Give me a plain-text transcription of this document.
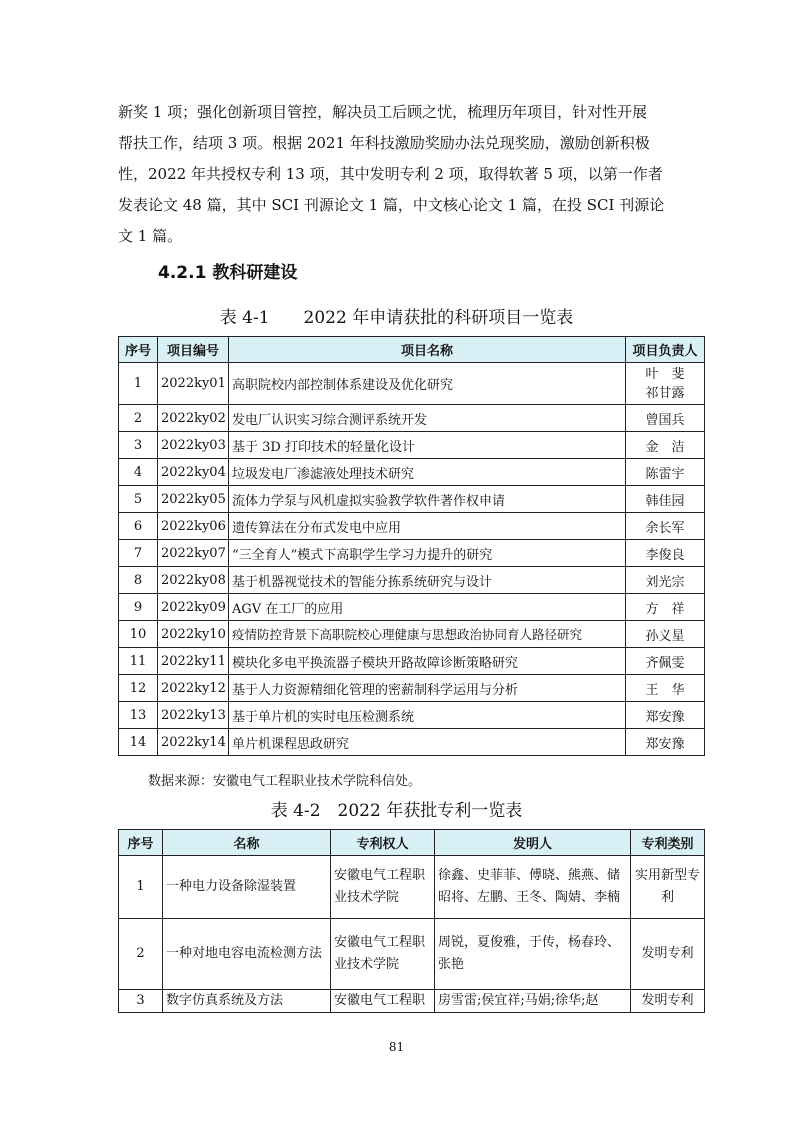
新奖 1 项；强化创新项目管控，解决员工后顾之忧，梳理历年项目，针对性开展
帮扶工作，结项 3 项。根据 2021 年科技激励奖励办法兑现奖励，激励创新积极
性，2022 年共授权专利 13 项，其中发明专利 2 项，取得软著 5 项，以第一作者
发表论文 48 篇，其中 SCI 刊源论文 1 篇，中文核心论文 1 篇，在投 SCI 刊源论
文 1 篇。
4.2.1 教科研建设

表 4-1　　2022 年申请获批的科研项目一览表

序号	项目编号	项目名称	项目负责人
1	2022ky01	高职院校内部控制体系建设及优化研究	叶　斐
祁甘露

2	2022ky02	发电厂认识实习综合测评系统开发	曾国兵
3	2022ky03	基于 3D 打印技术的轻量化设计	金　洁
4	2022ky04	垃圾发电厂渗滤液处理技术研究	陈雷宇
5	2022ky05	流体力学泵与风机虚拟实验教学软件著作权申请	韩佳园
6	2022ky06	遗传算法在分布式发电中应用	余长军
7	2022ky07	“三全育人”模式下高职学生学习力提升的研究	李俊良
8	2022ky08	基于机器视觉技术的智能分拣系统研究与设计	刘光宗
9	2022ky09	AGV 在工厂的应用	方　祥
10	2022ky10	疫情防控背景下高职院校心理健康与思想政治协同育人路径研究	孙义星
11	2022ky11	模块化多电平换流器子模块开路故障诊断策略研究	齐佩雯
12	2022ky12	基于人力资源精细化管理的密薪制科学运用与分析	王　华
13	2022ky13	基于单片机的实时电压检测系统	郑安豫
14	2022ky14	单片机课程思政研究	郑安豫

数据来源：安徽电气工程职业技术学院科信处。

表 4-2　2022 年获批专利一览表

序号	名称	专利权人	发明人	专利类别
1	一种电力设备除湿装置	安徽电气工程职业技术学院	徐鑫、史菲菲、傅晓、熊燕、储昭将、左鹏、王冬、陶婧、李楠	实用新型专利
2	一种对地电容电流检测方法	安徽电气工程职业技术学院	周锐，夏俊雅，于传，杨春玲、张艳	发明专利
3	数字仿真系统及方法	安徽电气工程职	房雪雷;侯宜祥;马娟;徐华;赵	发明专利
81
